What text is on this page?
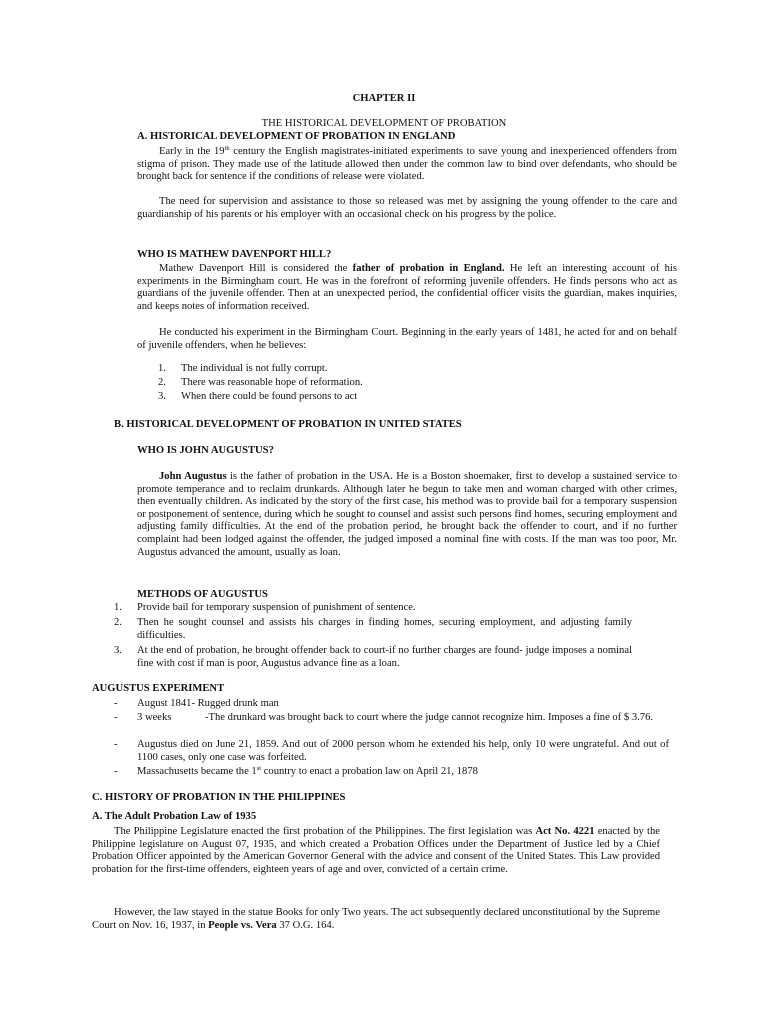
CHAPTER II

THE HISTORICAL DEVELOPMENT OF PROBATION

A. HISTORICAL DEVELOPMENT OF PROBATION IN ENGLAND

Early in the 19th century the English magistrates-initiated experiments to save young and inexperienced offenders from stigma of prison. They made use of the latitude allowed then under the common law to bind over defendants, who should be brought back for sentence if the conditions of release were violated.

The need for supervision and assistance to those so released was met by assigning the young offender to the care and guardianship of his parents or his employer with an occasional check on his progress by the police.

WHO IS MATHEW DAVENPORT HILL?

Mathew Davenport Hill is considered the father of probation in England. He left an interesting account of his experiments in the Birmingham court. He was in the forefront of reforming juvenile offenders. He finds persons who act as guardians of the juvenile offender. Then at an unexpected period, the confidential officer visits the guardian, makes inquiries, and keeps notes of information received.

He conducted his experiment in the Birmingham Court. Beginning in the early years of 1481, he acted for and on behalf of juvenile offenders, when he believes:

1. The individual is not fully corrupt.

2. There was reasonable hope of reformation.

3. When there could be found persons to act

B. HISTORICAL DEVELOPMENT OF PROBATION IN UNITED STATES

WHO IS JOHN AUGUSTUS?

John Augustus is the father of probation in the USA. He is a Boston shoemaker, first to develop a sustained service to promote temperance and to reclaim drunkards. Although later he begun to take men and woman charged with other crimes, then eventually children. As indicated by the story of the first case, his method was to provide bail for a temporary suspension or postponement of sentence, during which he sought to counsel and assist such persons find homes, securing employment and adjusting family difficulties. At the end of the probation period, he brought back the offender to court, and if no further complaint had been lodged against the offender, the judged imposed a nominal fine with costs. If the man was too poor, Mr. Augustus advanced the amount, usually as loan.

METHODS OF AUGUSTUS

1. Provide bail for temporary suspension of punishment of sentence.

2. Then he sought counsel and assists his charges in finding homes, securing employment, and adjusting family difficulties.

3. At the end of probation, he brought offender back to court-if no further charges are found- judge imposes a nominal fine with cost if man is poor, Augustus advance fine as a loan.

AUGUSTUS EXPERIMENT

- August 1841- Rugged drunk man

- 3 weeks	-The drunkard was brought back to court where the judge cannot recognize him. Imposes a fine of $ 3.76.

- Augustus died on June 21, 1859. And out of 2000 person whom he extended his help, only 10 were ungrateful. And out of 1100 cases, only one case was forfeited.

- Massachusetts became the 1st country to enact a probation law on April 21, 1878

C. HISTORY OF PROBATION IN THE PHILIPPINES

A. The Adult Probation Law of 1935

The Philippine Legislature enacted the first probation of the Philippines. The first legislation was Act No. 4221 enacted by the Philippine legislature on August 07, 1935, and which created a Probation Offices under the Department of Justice led by a Chief Probation Officer appointed by the American Governor General with the advice and consent of the United States. This Law provided probation for the first-time offenders, eighteen years of age and over, convicted of a certain crime.

However, the law stayed in the statue Books for only Two years. The act subsequently declared unconstitutional by the Supreme Court on Nov. 16, 1937, in People vs. Vera 37 O.G. 164.
